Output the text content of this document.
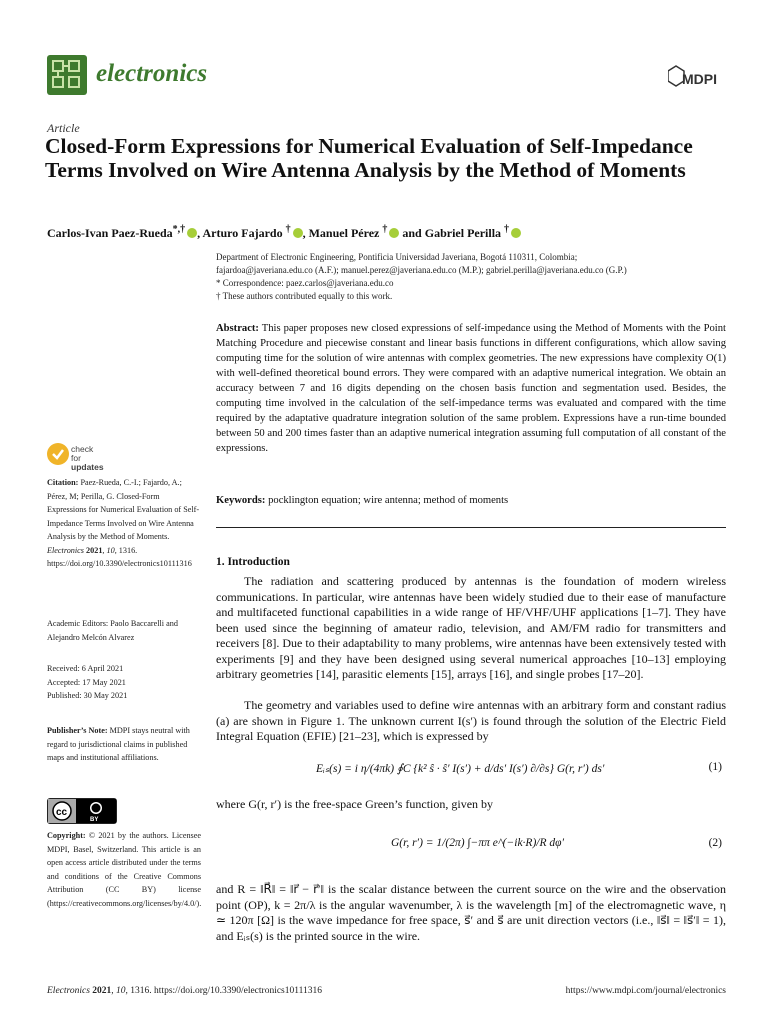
electronics	MDPI
Article
Closed-Form Expressions for Numerical Evaluation of Self-Impedance Terms Involved on Wire Antenna Analysis by the Method of Moments
Carlos-Ivan Paez-Rueda*,† , Arturo Fajardo † , Manuel Pérez † and Gabriel Perilla †
Department of Electronic Engineering, Pontificia Universidad Javeriana, Bogotá 110311, Colombia;
fajardoa@javeriana.edu.co (A.F.); manuel.perez@javeriana.edu.co (M.P.); gabriel.perilla@javeriana.edu.co (G.P.)
* Correspondence: paez.carlos@javeriana.edu.co
† These authors contributed equally to this work.
Abstract: This paper proposes new closed expressions of self-impedance using the Method of Moments with the Point Matching Procedure and piecewise constant and linear basis functions in different configurations, which allow saving computing time for the solution of wire antennas with complex geometries. The new expressions have complexity O(1) with well-defined theoretical bound errors. They were compared with an adaptive numerical integration. We obtain an accuracy between 7 and 16 digits depending on the chosen basis function and segmentation used. Besides, the computing time involved in the calculation of the self-impedance terms was evaluated and compared with the time required by the adaptative quadrature integration solution of the same problem. Expressions have a run-time bounded between 50 and 200 times faster than an adaptive numerical integration assuming full computation of all constant of the expressions.
Keywords: pocklington equation; wire antenna; method of moments
check for
updates
Citation: Paez-Rueda, C.-I.; Fajardo, A.; Pérez, M; Perilla, G. Closed-Form Expressions for Numerical Evaluation of Self-Impedance Terms Involved on Wire Antenna Analysis by the Method of Moments. Electronics 2021, 10, 1316. https://doi.org/10.3390/electronics10111316
Academic Editors: Paolo Baccarelli and Alejandro Melcón Alvarez
Received: 6 April 2021
Accepted: 17 May 2021
Published: 30 May 2021
Publisher’s Note: MDPI stays neutral with regard to jurisdictional claims in published maps and institutional affiliations.
cc
BY
Copyright: © 2021 by the authors. Licensee MDPI, Basel, Switzerland. This article is an open access article distributed under the terms and conditions of the Creative Commons Attribution (CC BY) license (https://creativecommons.org/licenses/by/4.0/).
1. Introduction
The radiation and scattering produced by antennas is the foundation of modern wireless communications. In particular, wire antennas have been widely studied due to their ease of manufacture and multifaceted functional capabilities in a wide range of HF/VHF/UHF applications [1–7]. They have been used since the beginning of amateur radio, television, and AM/FM radio for transmitters and receivers [8]. Due to their adaptability to many problems, wire antennas have been extensively tested with experiments [9] and they have been designed using several numerical approaches [10–13] employing arbitrary geometries [14], parasitic elements [15], arrays [16], and single probes [17–20].
The geometry and variables used to define wire antennas with an arbitrary form and constant radius (a) are shown in Figure 1. The unknown current I(s′) is found through the solution of the Electric Field Integral Equation (EFIE) [21–23], which is expressed by
Eᵢₛ(s) = i η/(4πk) ∮C {k² ŝ · ŝ′ I(s′) + d/ds′ I(s′) ∂/∂s} G(r, r′) ds′	(1)
where G(r, r′) is the free-space Green’s function, given by
G(r, r′) = 1/(2π) ∫−ππ e^(−ik·R)/R dφ′	(2)
and R = ‖R⃗‖ = ‖r⃗ − r⃗′‖ is the scalar distance between the current source on the wire and the observation point (OP), k = 2π/λ is the angular wavenumber, λ is the wavelength [m] of the electromagnetic wave, η ≃ 120π [Ω] is the wave impedance for free space, s⃗′ and s⃗ are unit direction vectors (i.e., ‖s⃗‖ = ‖s⃗′‖ = 1), and Eᵢₛ(s) is the printed source in the wire.
Electronics 2021, 10, 1316. https://doi.org/10.3390/electronics10111316	https://www.mdpi.com/journal/electronics
